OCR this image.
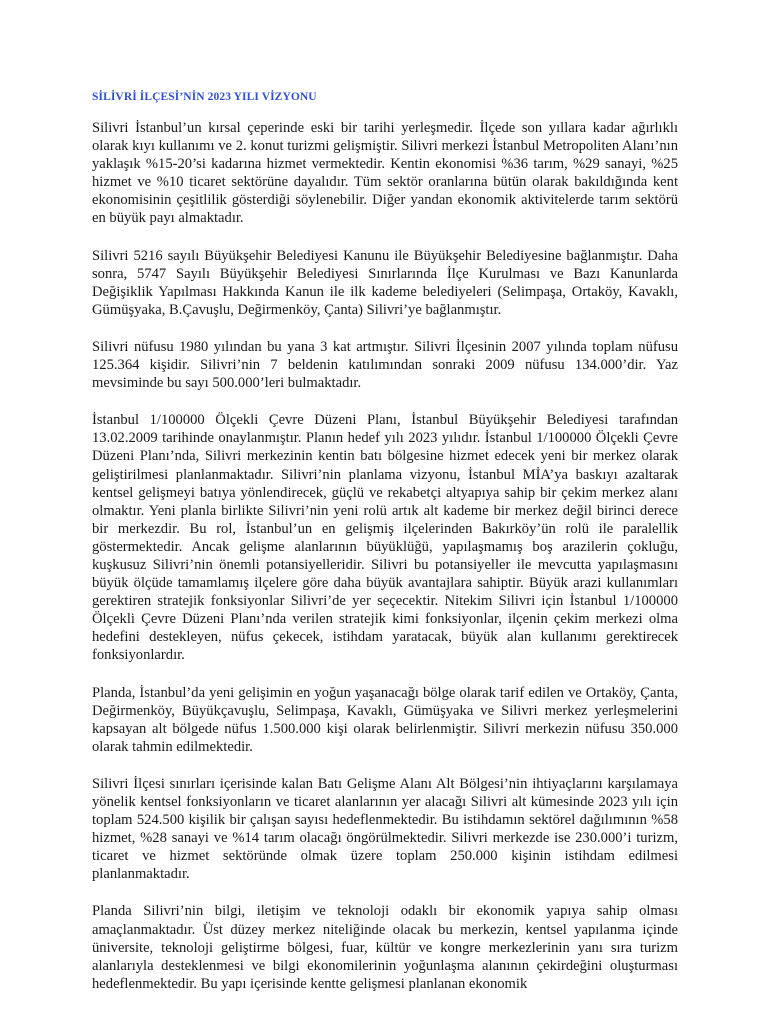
SİLİVRİ İLÇESİ’NİN 2023 YILI VİZYONU

Silivri İstanbul’un kırsal çeperinde eski bir tarihi yerleşmedir. İlçede son yıllara kadar ağırlıklı olarak kıyı kullanımı ve 2. konut turizmi gelişmiştir. Silivri merkezi İstanbul Metropoliten Alanı’nın yaklaşık %15-20’si kadarına hizmet vermektedir. Kentin ekonomisi %36 tarım, %29 sanayi, %25 hizmet ve %10 ticaret sektörüne dayalıdır. Tüm sektör oranlarına bütün olarak bakıldığında kent ekonomisinin çeşitlilik gösterdiği söylenebilir. Diğer yandan ekonomik aktivitelerde tarım sektörü en büyük payı almaktadır.

Silivri 5216 sayılı Büyükşehir Belediyesi Kanunu ile Büyükşehir Belediyesine bağlanmıştır. Daha sonra, 5747 Sayılı Büyükşehir Belediyesi Sınırlarında İlçe Kurulması ve Bazı Kanunlarda Değişiklik Yapılması Hakkında Kanun ile ilk kademe belediyeleri (Selimpaşa, Ortaköy, Kavaklı, Gümüşyaka, B.Çavuşlu, Değirmenköy, Çanta) Silivri’ye bağlanmıştır.

Silivri nüfusu 1980 yılından bu yana 3 kat artmıştır. Silivri İlçesinin 2007 yılında toplam nüfusu 125.364 kişidir. Silivri’nin 7 beldenin katılımından sonraki 2009 nüfusu 134.000’dir. Yaz mevsiminde bu sayı 500.000’leri bulmaktadır.

İstanbul 1/100000 Ölçekli Çevre Düzeni Planı, İstanbul Büyükşehir Belediyesi tarafından 13.02.2009 tarihinde onaylanmıştır. Planın hedef yılı 2023 yılıdır. İstanbul 1/100000 Ölçekli Çevre Düzeni Planı’nda, Silivri merkezinin kentin batı bölgesine hizmet edecek yeni bir merkez olarak geliştirilmesi planlanmaktadır. Silivri’nin planlama vizyonu, İstanbul MİA’ya baskıyı azaltarak kentsel gelişmeyi batıya yönlendirecek, güçlü ve rekabetçi altyapıya sahip bir çekim merkez alanı olmaktır. Yeni planla birlikte Silivri’nin yeni rolü artık alt kademe bir merkez değil birinci derece bir merkezdir. Bu rol, İstanbul’un en gelişmiş ilçelerinden Bakırköy’ün rolü ile paralellik göstermektedir. Ancak gelişme alanlarının büyüklüğü, yapılaşmamış boş arazilerin çokluğu, kuşkusuz Silivri’nin önemli potansiyelleridir. Silivri bu potansiyeller ile mevcutta yapılaşmasını büyük ölçüde tamamlamış ilçelere göre daha büyük avantajlara sahiptir. Büyük arazi kullanımları gerektiren stratejik fonksiyonlar Silivri’de yer seçecektir. Nitekim Silivri için İstanbul 1/100000 Ölçekli Çevre Düzeni Planı’nda verilen stratejik kimi fonksiyonlar, ilçenin çekim merkezi olma hedefini destekleyen, nüfus çekecek, istihdam yaratacak, büyük alan kullanımı gerektirecek fonksiyonlardır.

Planda, İstanbul’da yeni gelişimin en yoğun yaşanacağı bölge olarak tarif edilen ve Ortaköy, Çanta, Değirmenköy, Büyükçavuşlu, Selimpaşa, Kavaklı, Gümüşyaka ve Silivri merkez yerleşmelerini kapsayan alt bölgede nüfus 1.500.000 kişi olarak belirlenmiştir. Silivri merkezin nüfusu 350.000 olarak tahmin edilmektedir.

Silivri İlçesi sınırları içerisinde kalan Batı Gelişme Alanı Alt Bölgesi’nin ihtiyaçlarını karşılamaya yönelik kentsel fonksiyonların ve ticaret alanlarının yer alacağı Silivri alt kümesinde 2023 yılı için toplam 524.500 kişilik bir çalışan sayısı hedeflenmektedir. Bu istihdamın sektörel dağılımının %58 hizmet, %28 sanayi ve %14 tarım olacağı öngörülmektedir. Silivri merkezde ise 230.000’i turizm, ticaret ve hizmet sektöründe olmak üzere toplam 250.000 kişinin istihdam edilmesi planlanmaktadır.

Planda Silivri’nin bilgi, iletişim ve teknoloji odaklı bir ekonomik yapıya sahip olması amaçlanmaktadır. Üst düzey merkez niteliğinde olacak bu merkezin, kentsel yapılanma içinde üniversite, teknoloji geliştirme bölgesi, fuar, kültür ve kongre merkezlerinin yanı sıra turizm alanlarıyla desteklenmesi ve bilgi ekonomilerinin yoğunlaşma alanının çekirdeğini oluşturması hedeflenmektedir. Bu yapı içerisinde kentte gelişmesi planlanan ekonomik
